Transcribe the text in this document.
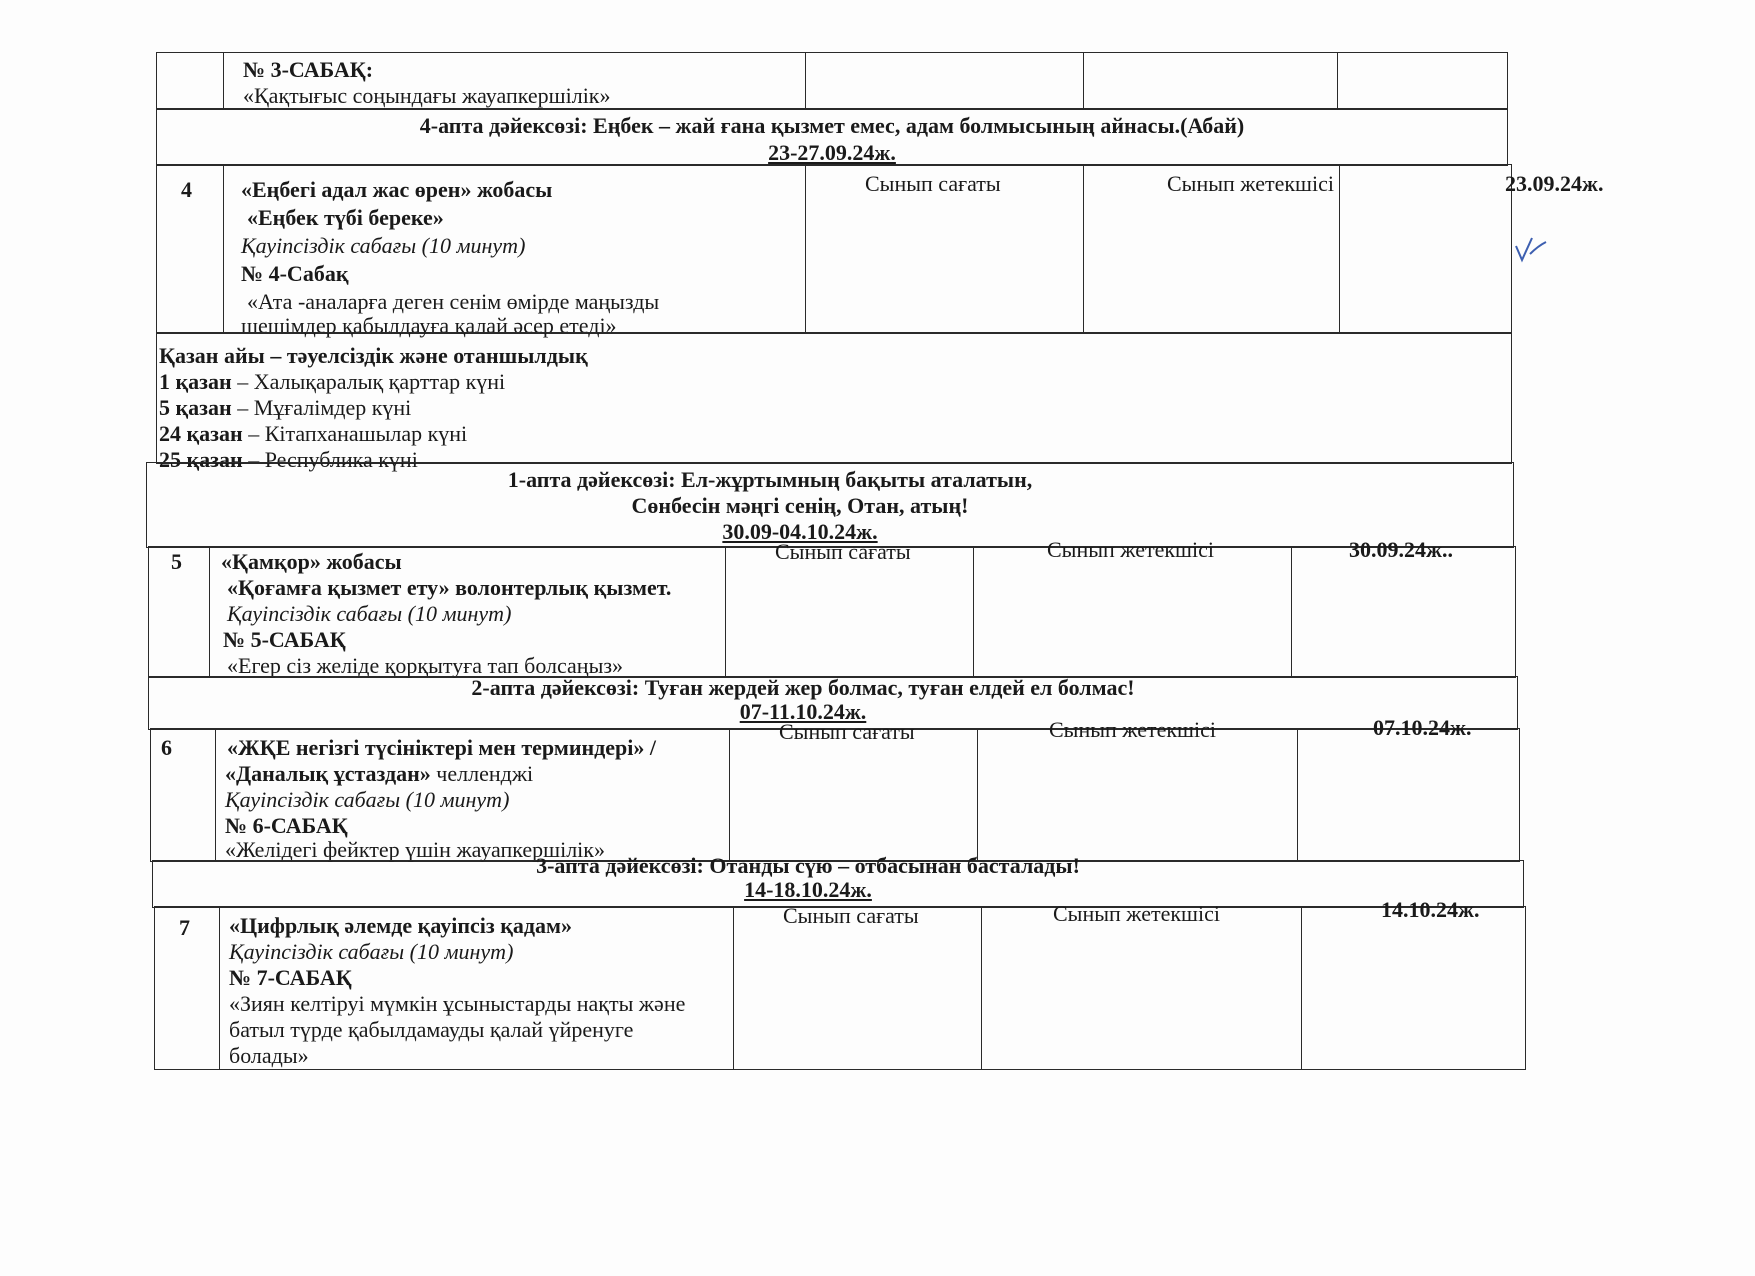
№ 3-САБАҚ:
«Қақтығыс соңындағы жауапкершілік»
4-апта дәйексөзі: Еңбек – жай ғана қызмет емес, адам болмысының айнасы.(Абай)
23-27.09.24ж.
4 «Еңбегі адал жас өрен» жобасы
«Еңбек түбі береке»
Қауіпсіздік сабағы (10 минут)
№ 4-Сабақ
«Ата -аналарға деген сенім өмірде маңызды
шешімдер қабылдауға қалай әсер етеді»
Сынып сағаты	Сынып жетекшісі	23.09.24ж.
Қазан айы – тәуелсіздік және отаншылдық
1 қазан – Халықаралық қарттар күні
5 қазан – Мұғалімдер күні
24 қазан – Кітапханашылар күні
25 қазан – Республика күні
1-апта дәйексөзі: Ел-жұртымның бақыты аталатын,
Сөнбесін мәңгі сенің, Отан, атың!
30.09-04.10.24ж.
5 «Қамқор» жобасы
«Қоғамға қызмет ету» волонтерлық қызмет.
Қауіпсіздік сабағы (10 минут)
№ 5-САБАҚ
«Егер сіз желіде қорқытуға тап болсаңыз»
Сынып сағаты	Сынып жетекшісі	30.09.24ж..
2-апта дәйексөзі: Туған жердей жер болмас, туған елдей ел болмас!
07-11.10.24ж.
6	«ЖҚЕ негізгі түсініктері мен терминдері» /
«Даналық ұстаздан» челленджі
Қауіпсіздік сабағы (10 минут)
№ 6-САБАҚ
«Желідегі фейктер үшін жауапкершілік»
Сынып сағаты	Сынып жетекшісі	07.10.24ж.
3-апта дәйексөзі: Отанды сүю – отбасынан басталады!
14-18.10.24ж.
7 «Цифрлық әлемде қауіпсіз қадам»
Қауіпсіздік сабағы (10 минут)
№ 7-САБАҚ
«Зиян келтіруі мүмкін ұсыныстарды нақты және
батыл түрде қабылдамауды қалай үйренуге
болады»
Сынып сағаты	Сынып жетекшісі	14.10.24ж.
